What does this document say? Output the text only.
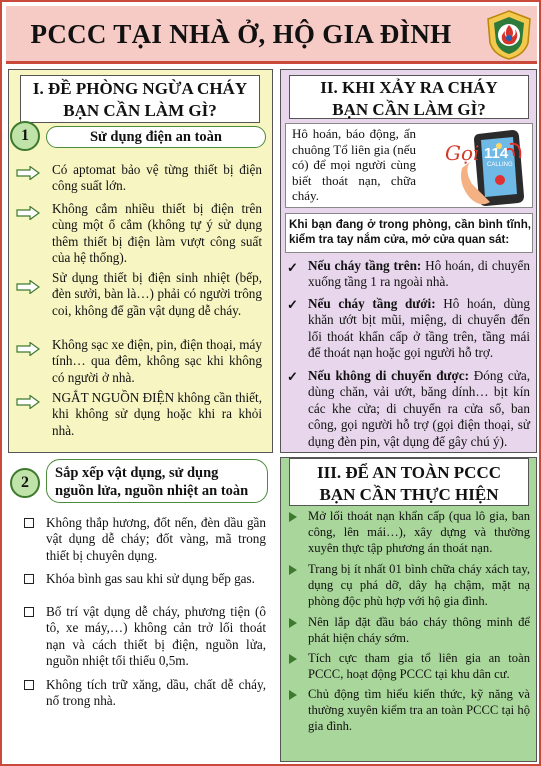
PCCC TẠI NHÀ Ở, HỘ GIA ĐÌNH
I. ĐỀ PHÒNG NGỪA CHÁY
BẠN CẦN LÀM GÌ?
1	Sử dụng điện an toàn
Có aptomat bảo vệ từng thiết bị điện công suất lớn.
Không cắm nhiều thiết bị điện trên cùng một ổ cắm (không tự ý sử dụng thêm thiết bị điện làm vượt công suất của hệ thống).
Sử dụng thiết bị điện sinh nhiệt (bếp, đèn sưởi, bàn là…) phải có người trông coi, không để gần vật dụng dễ cháy.
Không sạc xe điện, pin, điện thoại, máy tính… qua đêm, không sạc khi không có người ở nhà.
NGẮT NGUỒN ĐIỆN không cần thiết, khi không sử dụng hoặc khi ra khỏi nhà.
2
Sắp xếp vật dụng, sử dụng
nguồn lửa, nguồn nhiệt an toàn
Không thắp hương, đốt nến, đèn dầu gần vật dụng dễ cháy; đốt vàng, mã trong thiết bị chuyên dụng.
Khóa bình gas sau khi sử dụng bếp gas.
Bố trí vật dụng dễ cháy, phương tiện (ô tô, xe máy,…) không cản trở lối thoát nạn và cách thiết bị điện, nguồn lửa, nguồn nhiệt tối thiểu 0,5m.
Không tích trữ xăng, dầu, chất dễ cháy, nổ trong nhà.
II. KHI XẢY RA CHÁY
BẠN CẦN LÀM GÌ?
Hô hoán, báo động, ấn chuông Tổ liên gia (nếu có) để mọi người cùng biết thoát nạn, chữa cháy.
Gọi 114
CALLING
Khi bạn đang ở trong phòng, cần bình tĩnh, kiểm tra tay nắm cửa, mở cửa quan sát:
✓
✓
✓
Nếu cháy tầng trên: Hô hoán, di chuyển xuống tầng 1 ra ngoài nhà.
Nếu cháy tầng dưới: Hô hoán, dùng khăn ướt bịt mũi, miệng, di chuyển đến lối thoát khẩn cấp ở tầng trên, tầng mái để thoát nạn hoặc gọi người hỗ trợ.
Nếu không di chuyển được: Đóng cửa, dùng chăn, vải ướt, băng dính… bịt kín các khe cửa; di chuyển ra cửa sổ, ban công, gọi người hỗ trợ (gọi điện thoại, sử dụng đèn pin, vật dụng để gây chú ý).
III. ĐỂ AN TOÀN PCCC
BẠN CẦN THỰC HIỆN
Mở lối thoát nạn khẩn cấp (qua lô gia, ban công, lên mái…), xây dựng và thường xuyên thực tập phương án thoát nạn.
Trang bị ít nhất 01 bình chữa cháy xách tay, dụng cụ phá dỡ, dây hạ chậm, mặt nạ phòng độc phù hợp với hộ gia đình.
Nên lắp đặt đầu báo cháy thông minh để phát hiện cháy sớm.
Tích cực tham gia tổ liên gia an toàn PCCC, hoạt động PCCC tại khu dân cư.
Chủ động tìm hiểu kiến thức, kỹ năng và thường xuyên kiểm tra an toàn PCCC tại hộ gia đình.
